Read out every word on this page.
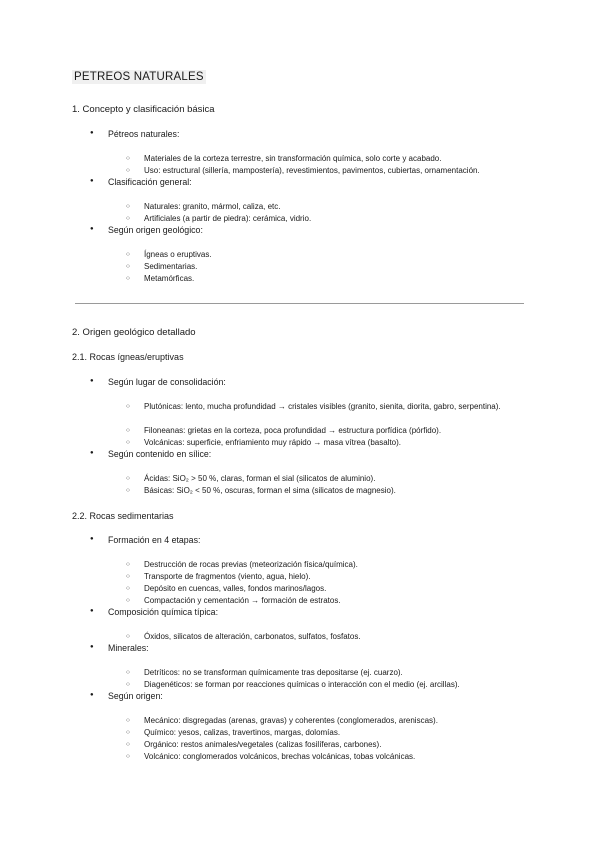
PETREOS NATURALES
1. Concepto y clasificación básica
● Pétreos naturales:
○ Materiales de la corteza terrestre, sin transformación química, solo corte y acabado.
○ Uso: estructural (sillería, mampostería), revestimientos, pavimentos, cubiertas, ornamentación.
● Clasificación general:
○ Naturales: granito, mármol, caliza, etc.
○ Artificiales (a partir de piedra): cerámica, vidrio.
● Según origen geológico:
○ Ígneas o eruptivas.
○ Sedimentarias.
○ Metamórficas.
2. Origen geológico detallado
2.1. Rocas ígneas/eruptivas
● Según lugar de consolidación:
○ Plutónicas: lento, mucha profundidad → cristales visibles (granito, sienita, diorita, gabro, serpentina).
○ Filoneanas: grietas en la corteza, poca profundidad → estructura porfídica (pórfido).
○ Volcánicas: superficie, enfriamiento muy rápido → masa vítrea (basalto).
● Según contenido en sílice:
○ Ácidas: SiO₂ > 50 %, claras, forman el sial (silicatos de aluminio).
○ Básicas: SiO₂ < 50 %, oscuras, forman el sima (silicatos de magnesio).
2.2. Rocas sedimentarias
● Formación en 4 etapas:
○ Destrucción de rocas previas (meteorización física/química).
○ Transporte de fragmentos (viento, agua, hielo).
○ Depósito en cuencas, valles, fondos marinos/lagos.
○ Compactación y cementación → formación de estratos.
● Composición química típica:
○ Óxidos, silicatos de alteración, carbonatos, sulfatos, fosfatos.
● Minerales:
○ Detríticos: no se transforman químicamente tras depositarse (ej. cuarzo).
○ Diagenéticos: se forman por reacciones químicas o interacción con el medio (ej. arcillas).
● Según origen:
○ Mecánico: disgregadas (arenas, gravas) y coherentes (conglomerados, areniscas).
○ Químico: yesos, calizas, travertinos, margas, dolomías.
○ Orgánico: restos animales/vegetales (calizas fosilíferas, carbones).
○ Volcánico: conglomerados volcánicos, brechas volcánicas, tobas volcánicas.
